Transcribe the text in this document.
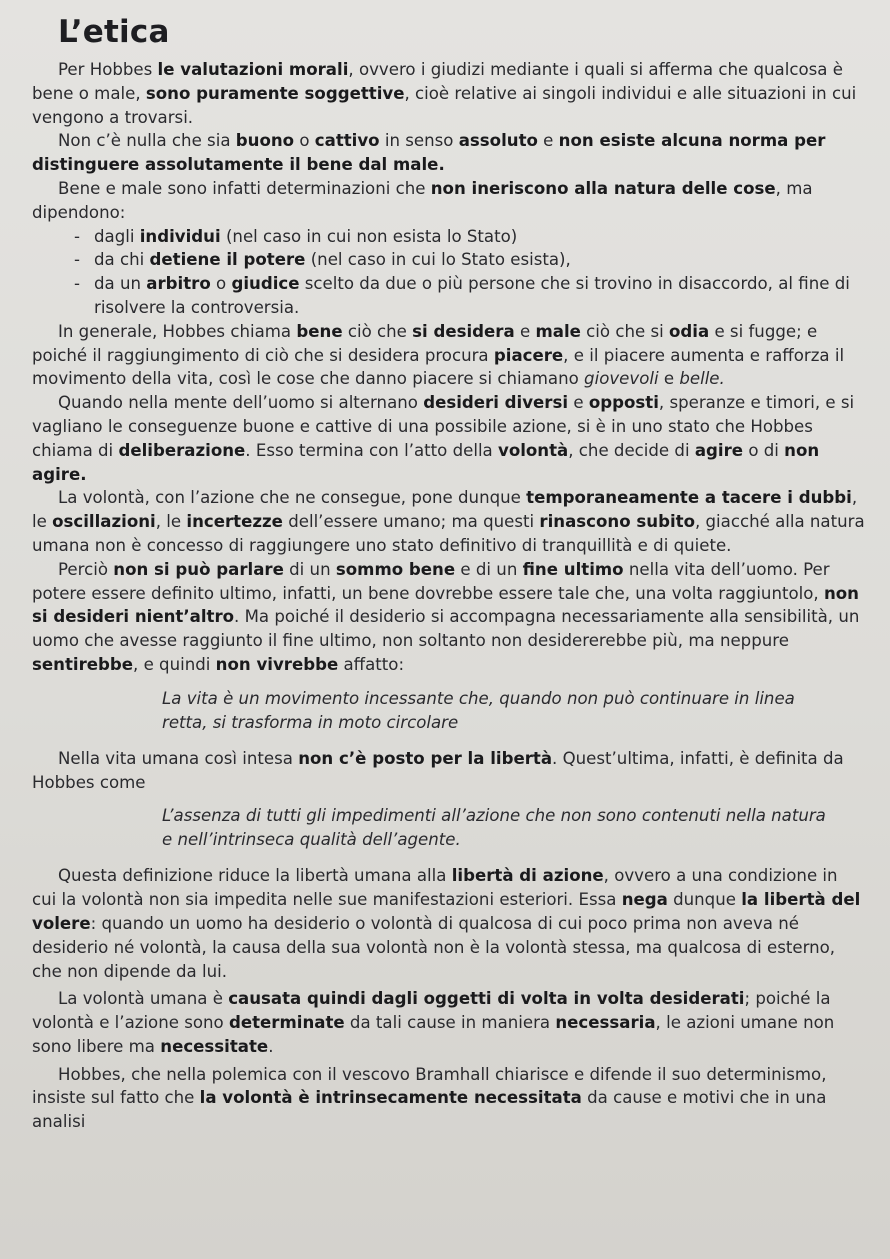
L’etica

Per Hobbes le valutazioni morali, ovvero i giudizi mediante i quali si afferma che qualcosa è bene o male, sono puramente soggettive, cioè relative ai singoli individui e alle situazioni in cui vengono a trovarsi.

Non c’è nulla che sia buono o cattivo in senso assoluto e non esiste alcuna norma per distinguere assolutamente il bene dal male.

Bene e male sono infatti determinazioni che non ineriscono alla natura delle cose, ma dipendono:

- dagli individui (nel caso in cui non esista lo Stato)
- da chi detiene il potere (nel caso in cui lo Stato esista),
- da un arbitro o giudice scelto da due o più persone che si trovino in disaccordo, al fine di risolvere la controversia.

In generale, Hobbes chiama bene ciò che si desidera e male ciò che si odia e si fugge; e poiché il raggiungimento di ciò che si desidera procura piacere, e il piacere aumenta e rafforza il movimento della vita, così le cose che danno piacere si chiamano giovevoli e belle.

Quando nella mente dell’uomo si alternano desideri diversi e opposti, speranze e timori, e si vagliano le conseguenze buone e cattive di una possibile azione, si è in uno stato che Hobbes chiama di deliberazione. Esso termina con l’atto della volontà, che decide di agire o di non agire.

La volontà, con l’azione che ne consegue, pone dunque temporaneamente a tacere i dubbi, le oscillazioni, le incertezze dell’essere umano; ma questi rinascono subito, giacché alla natura umana non è concesso di raggiungere uno stato definitivo di tranquillità e di quiete.

Perciò non si può parlare di un sommo bene e di un fine ultimo nella vita dell’uomo. Per potere essere definito ultimo, infatti, un bene dovrebbe essere tale che, una volta raggiuntolo, non si desideri nient’altro. Ma poiché il desiderio si accompagna necessariamente alla sensibilità, un uomo che avesse raggiunto il fine ultimo, non soltanto non desidererebbe più, ma neppure sentirebbe, e quindi non vivrebbe affatto:

La vita è un movimento incessante che, quando non può continuare in linea retta, si trasforma in moto circolare

Nella vita umana così intesa non c’è posto per la libertà. Quest’ultima, infatti, è definita da Hobbes come

L’assenza di tutti gli impedimenti all’azione che non sono contenuti nella natura e nell’intrinseca qualità dell’agente.

Questa definizione riduce la libertà umana alla libertà di azione, ovvero a una condizione in cui la volontà non sia impedita nelle sue manifestazioni esteriori. Essa nega dunque la libertà del volere: quando un uomo ha desiderio o volontà di qualcosa di cui poco prima non aveva né desiderio né volontà, la causa della sua volontà non è la volontà stessa, ma qualcosa di esterno, che non dipende da lui.

La volontà umana è causata quindi dagli oggetti di volta in volta desiderati; poiché la volontà e l’azione sono determinate da tali cause in maniera necessaria, le azioni umane non sono libere ma necessitate.

Hobbes, che nella polemica con il vescovo Bramhall chiarisce e difende il suo determinismo, insiste sul fatto che la volontà è intrinsecamente necessitata da cause e motivi che in una analisi
